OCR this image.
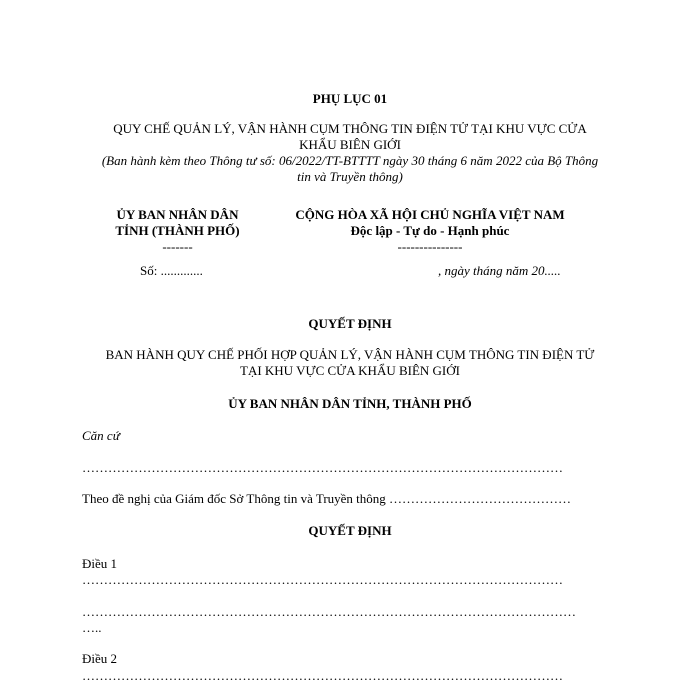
PHỤ LỤC 01
QUY CHẾ QUẢN LÝ, VẬN HÀNH CỤM THÔNG TIN ĐIỆN TỬ TẠI KHU VỰC CỬA
KHẨU BIÊN GIỚI
(Ban hành kèm theo Thông tư số: 06/2022/TT-BTTTT ngày 30 tháng 6 năm 2022 của Bộ Thông
tin và Truyền thông)
ỦY BAN NHÂN DÂN
TỈNH (THÀNH PHỐ)
-------
CỘNG HÒA XÃ HỘI CHỦ NGHĨA VIỆT NAM
Độc lập - Tự do - Hạnh phúc
---------------
Số: .............	, ngày tháng năm 20.....
QUYẾT ĐỊNH
BAN HÀNH QUY CHẾ PHỐI HỢP QUẢN LÝ, VẬN HÀNH CỤM THÔNG TIN ĐIỆN TỬ
TẠI KHU VỰC CỬA KHẨU BIÊN GIỚI
ỦY BAN NHÂN DÂN TỈNH, THÀNH PHỐ
Căn cứ
…………………………………………………………………………………………………
Theo đề nghị của Giám đốc Sở Thông tin và Truyền thông ……………………………………
QUYẾT ĐỊNH
Điều 1
…………………………………………………………………………………………………
……………………………………………………………………………………………………
…..
Điều 2
…………………………………………………………………………………………………
